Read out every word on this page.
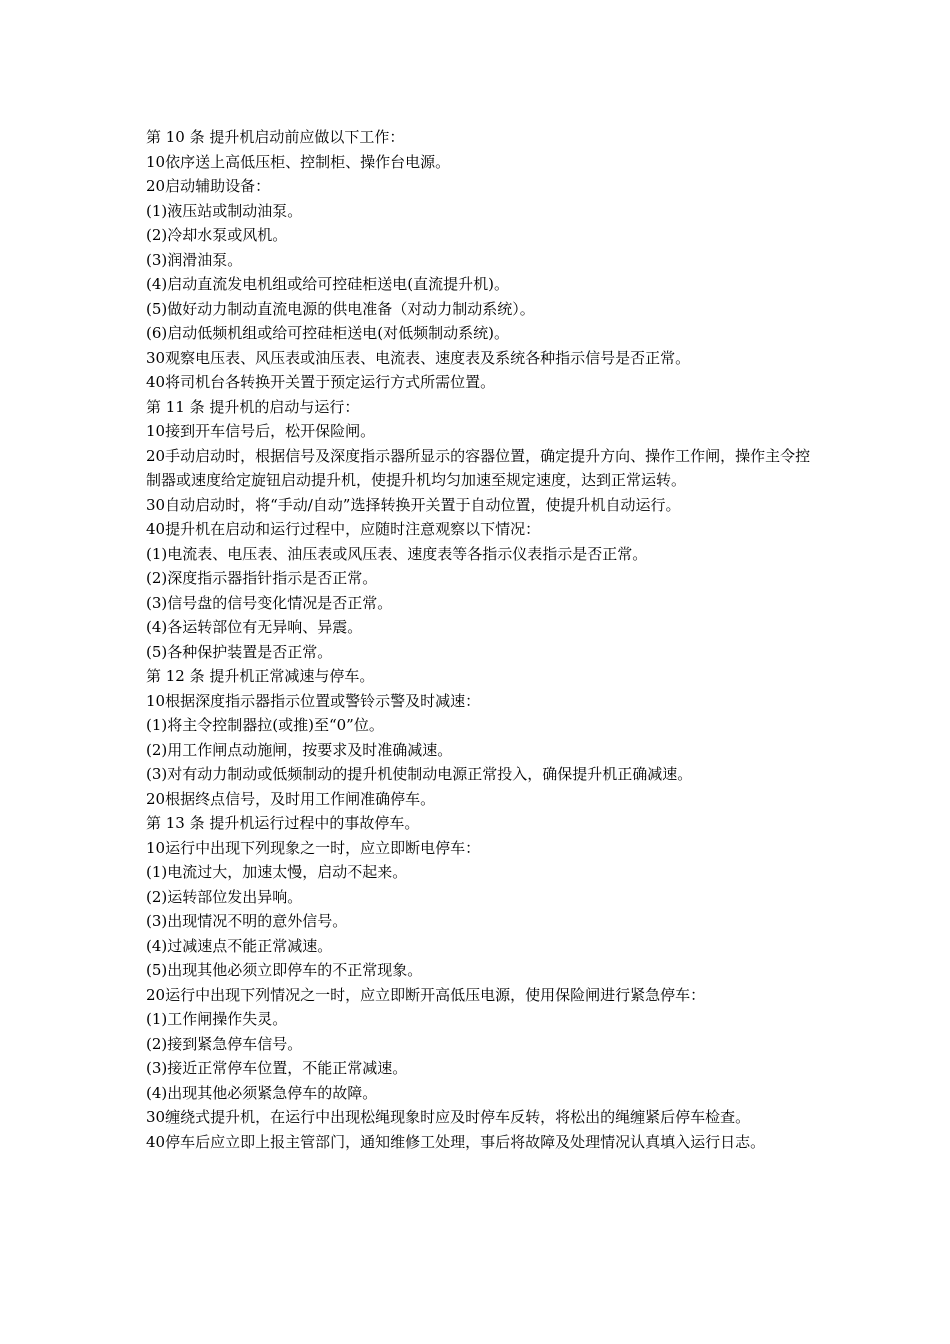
第 10 条 提升机启动前应做以下工作：

10依序送上高低压柜、控制柜、操作台电源。

20启动辅助设备：

(1)液压站或制动油泵。

(2)冷却水泵或风机。

(3)润滑油泵。

(4)启动直流发电机组或给可控硅柜送电(直流提升机)。

(5)做好动力制动直流电源的供电准备（对动力制动系统）。

(6)启动低频机组或给可控硅柜送电(对低频制动系统)。

30观察电压表、风压表或油压表、电流表、速度表及系统各种指示信号是否正常。

40将司机台各转换开关置于预定运行方式所需位置。

第 11 条 提升机的启动与运行：

10接到开车信号后，松开保险闸。

20手动启动时，根据信号及深度指示器所显示的容器位置，确定提升方向、操作工作闸，操作主令控制器或速度给定旋钮启动提升机，使提升机均匀加速至规定速度，达到正常运转。

30自动启动时，将“手动/自动”选择转换开关置于自动位置，使提升机自动运行。

40提升机在启动和运行过程中，应随时注意观察以下情况：

(1)电流表、电压表、油压表或风压表、速度表等各指示仪表指示是否正常。

(2)深度指示器指针指示是否正常。

(3)信号盘的信号变化情况是否正常。

(4)各运转部位有无异响、异震。

(5)各种保护装置是否正常。

第 12 条 提升机正常减速与停车。

10根据深度指示器指示位置或警铃示警及时减速：

(1)将主令控制器拉(或推)至“0”位。

(2)用工作闸点动施闸，按要求及时准确减速。

(3)对有动力制动或低频制动的提升机使制动电源正常投入，确保提升机正确减速。

20根据终点信号，及时用工作闸准确停车。

第 13 条 提升机运行过程中的事故停车。

10运行中出现下列现象之一时，应立即断电停车：

(1)电流过大，加速太慢，启动不起来。

(2)运转部位发出异响。

(3)出现情况不明的意外信号。

(4)过减速点不能正常减速。

(5)出现其他必须立即停车的不正常现象。

20运行中出现下列情况之一时，应立即断开高低压电源，使用保险闸进行紧急停车：

(1)工作闸操作失灵。

(2)接到紧急停车信号。

(3)接近正常停车位置，不能正常减速。

(4)出现其他必须紧急停车的故障。

30缠绕式提升机，在运行中出现松绳现象时应及时停车反转，将松出的绳缠紧后停车检查。

40停车后应立即上报主管部门，通知维修工处理，事后将故障及处理情况认真填入运行日志。
